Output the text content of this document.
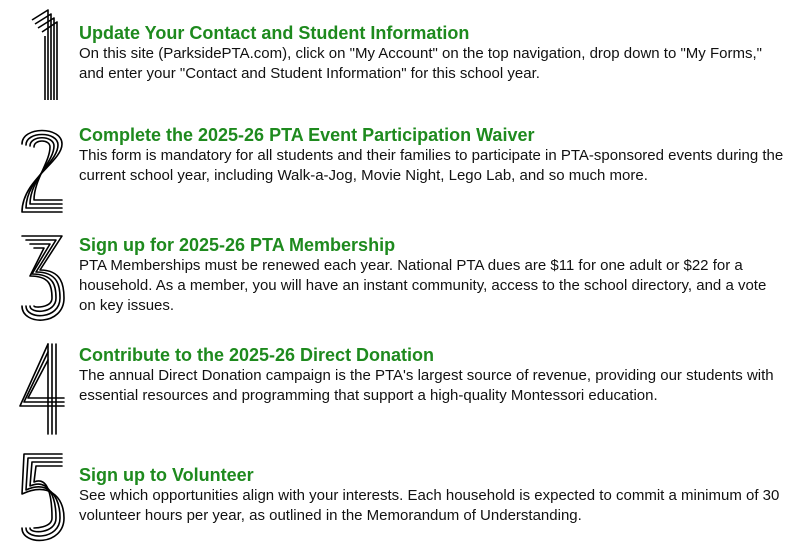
Update Your Contact and Student Information
On this site (ParksidePTA.com), click on "My Account" on the top navigation, drop down to "My Forms," and enter your "Contact and Student Information" for this school year.
Complete the 2025-26 PTA Event Participation Waiver
This form is mandatory for all students and their families to participate in PTA-sponsored events during the current school year, including Walk-a-Jog, Movie Night, Lego Lab, and so much more.
Sign up for 2025-26 PTA Membership
PTA Memberships must be renewed each year. National PTA dues are $11 for one adult or $22 for a household. As a member, you will have an instant community, access to the school directory, and a vote on key issues.
Contribute to the 2025-26 Direct Donation
The annual Direct Donation campaign is the PTA's largest source of revenue, providing our students with essential resources and programming that support a high-quality Montessori education.
Sign up to Volunteer
See which opportunities align with your interests. Each household is expected to commit a minimum of 30 volunteer hours per year, as outlined in the Memorandum of Understanding.
